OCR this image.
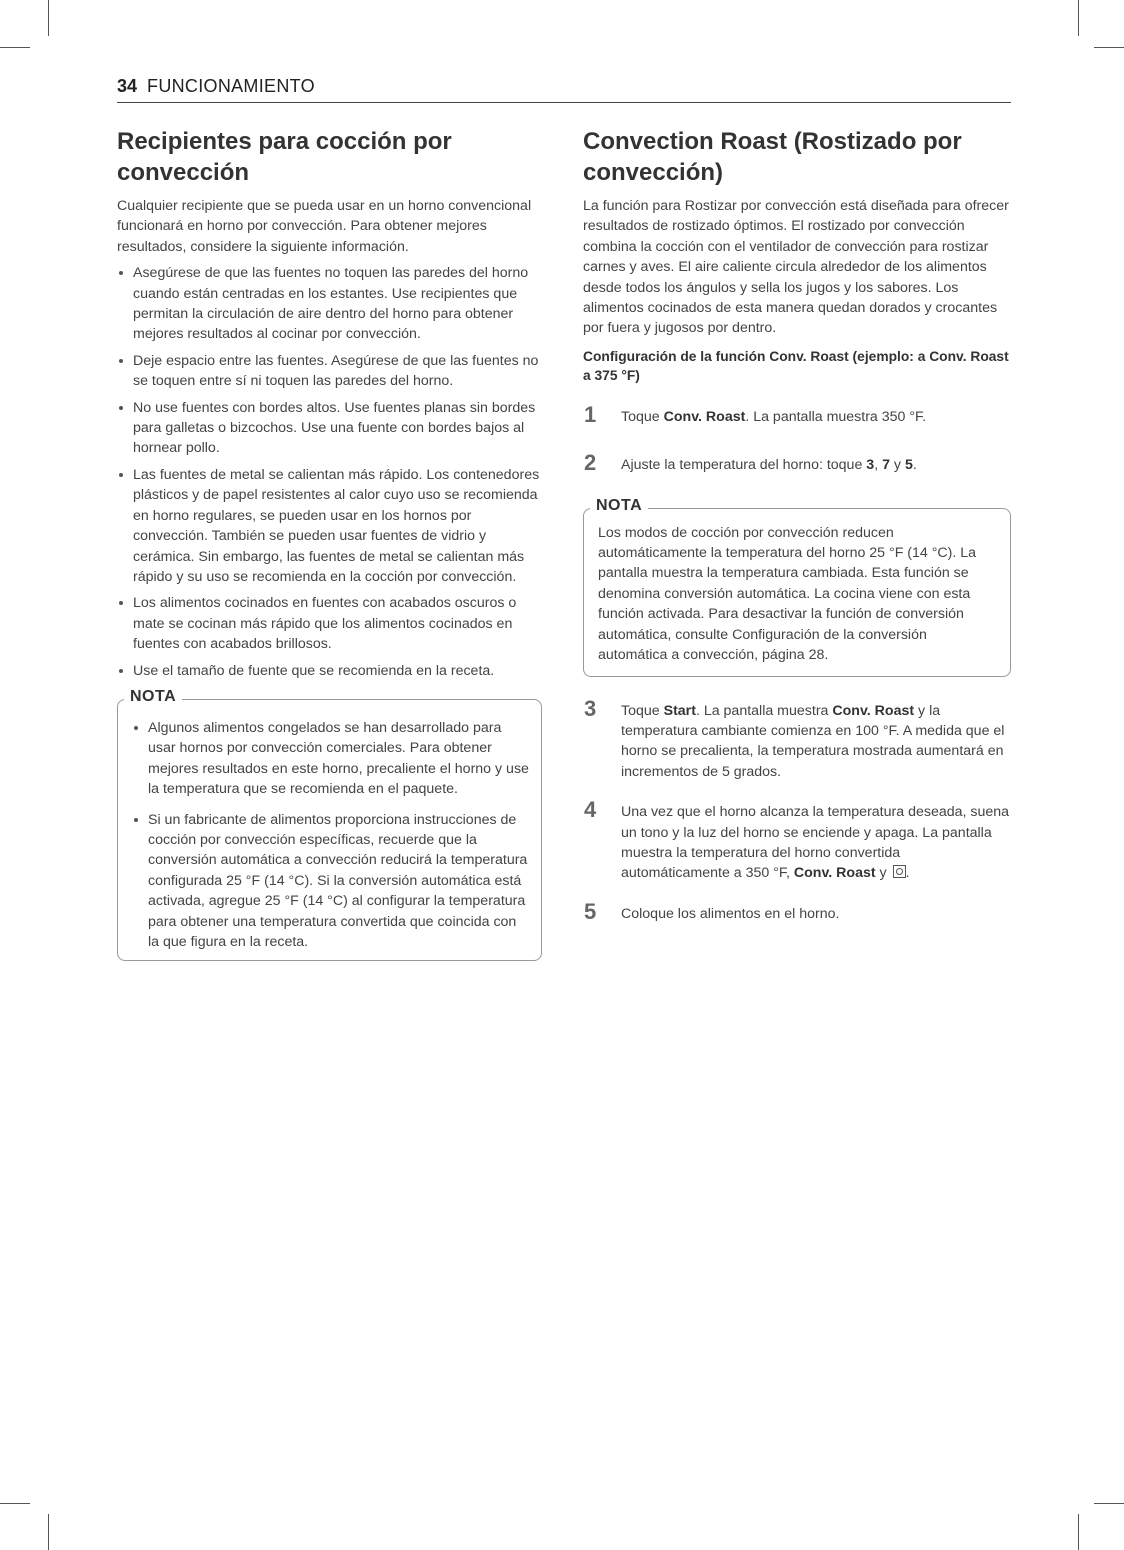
34 FUNCIONAMIENTO
Recipientes para cocción por convección

Cualquier recipiente que se pueda usar en un horno convencional funcionará en horno por convección. Para obtener mejores resultados, considere la siguiente información.

Asegúrese de que las fuentes no toquen las paredes del horno cuando están centradas en los estantes. Use recipientes que permitan la circulación de aire dentro del horno para obtener mejores resultados al cocinar por convección.
Deje espacio entre las fuentes. Asegúrese de que las fuentes no se toquen entre sí ni toquen las paredes del horno.
No use fuentes con bordes altos. Use fuentes planas sin bordes para galletas o bizcochos. Use una fuente con bordes bajos al hornear pollo.
Las fuentes de metal se calientan más rápido. Los contenedores plásticos y de papel resistentes al calor cuyo uso se recomienda en horno regulares, se pueden usar en los hornos por convección. También se pueden usar fuentes de vidrio y cerámica. Sin embargo, las fuentes de metal se calientan más rápido y su uso se recomienda en la cocción por convección.
Los alimentos cocinados en fuentes con acabados oscuros o mate se cocinan más rápido que los alimentos cocinados en fuentes con acabados brillosos.
Use el tamaño de fuente que se recomienda en la receta.
NOTA
Algunos alimentos congelados se han desarrollado para usar hornos por convección comerciales. Para obtener mejores resultados en este horno, precaliente el horno y use la temperatura que se recomienda en el paquete.
Si un fabricante de alimentos proporciona instrucciones de cocción por convección específicas, recuerde que la conversión automática a convección reducirá la temperatura configurada 25 °F (14 °C). Si la conversión automática está activada, agregue 25 °F (14 °C) al configurar la temperatura para obtener una temperatura convertida que coincida con la que figura en la receta.
Convection Roast (Rostizado por convección)

La función para Rostizar por convección está diseñada para ofrecer resultados de rostizado óptimos. El rostizado por convección combina la cocción con el ventilador de convección para rostizar carnes y aves. El aire caliente circula alrededor de los alimentos desde todos los ángulos y sella los jugos y los sabores. Los alimentos cocinados de esta manera quedan dorados y crocantes por fuera y jugosos por dentro.

Configuración de la función Conv. Roast (ejemplo: a Conv. Roast a 375 °F)
1 Toque Conv. Roast. La pantalla muestra 350 °F.
2 Ajuste la temperatura del horno: toque 3, 7 y 5.
NOTA

Los modos de cocción por convección reducen automáticamente la temperatura del horno 25 °F (14 °C). La pantalla muestra la temperatura cambiada. Esta función se denomina conversión automática. La cocina viene con esta función activada. Para desactivar la función de conversión automática, consulte Configuración de la conversión automática a convección, página 28.

3 Toque Start. La pantalla muestra Conv. Roast y la temperatura cambiante comienza en 100 °F. A medida que el horno se precalienta, la temperatura mostrada aumentará en incrementos de 5 grados.
4 Una vez que el horno alcanza la temperatura deseada, suena un tono y la luz del horno se enciende y apaga. La pantalla muestra la temperatura del horno convertida automáticamente a 350 °F, Conv. Roast y .
5 Coloque los alimentos en el horno.
